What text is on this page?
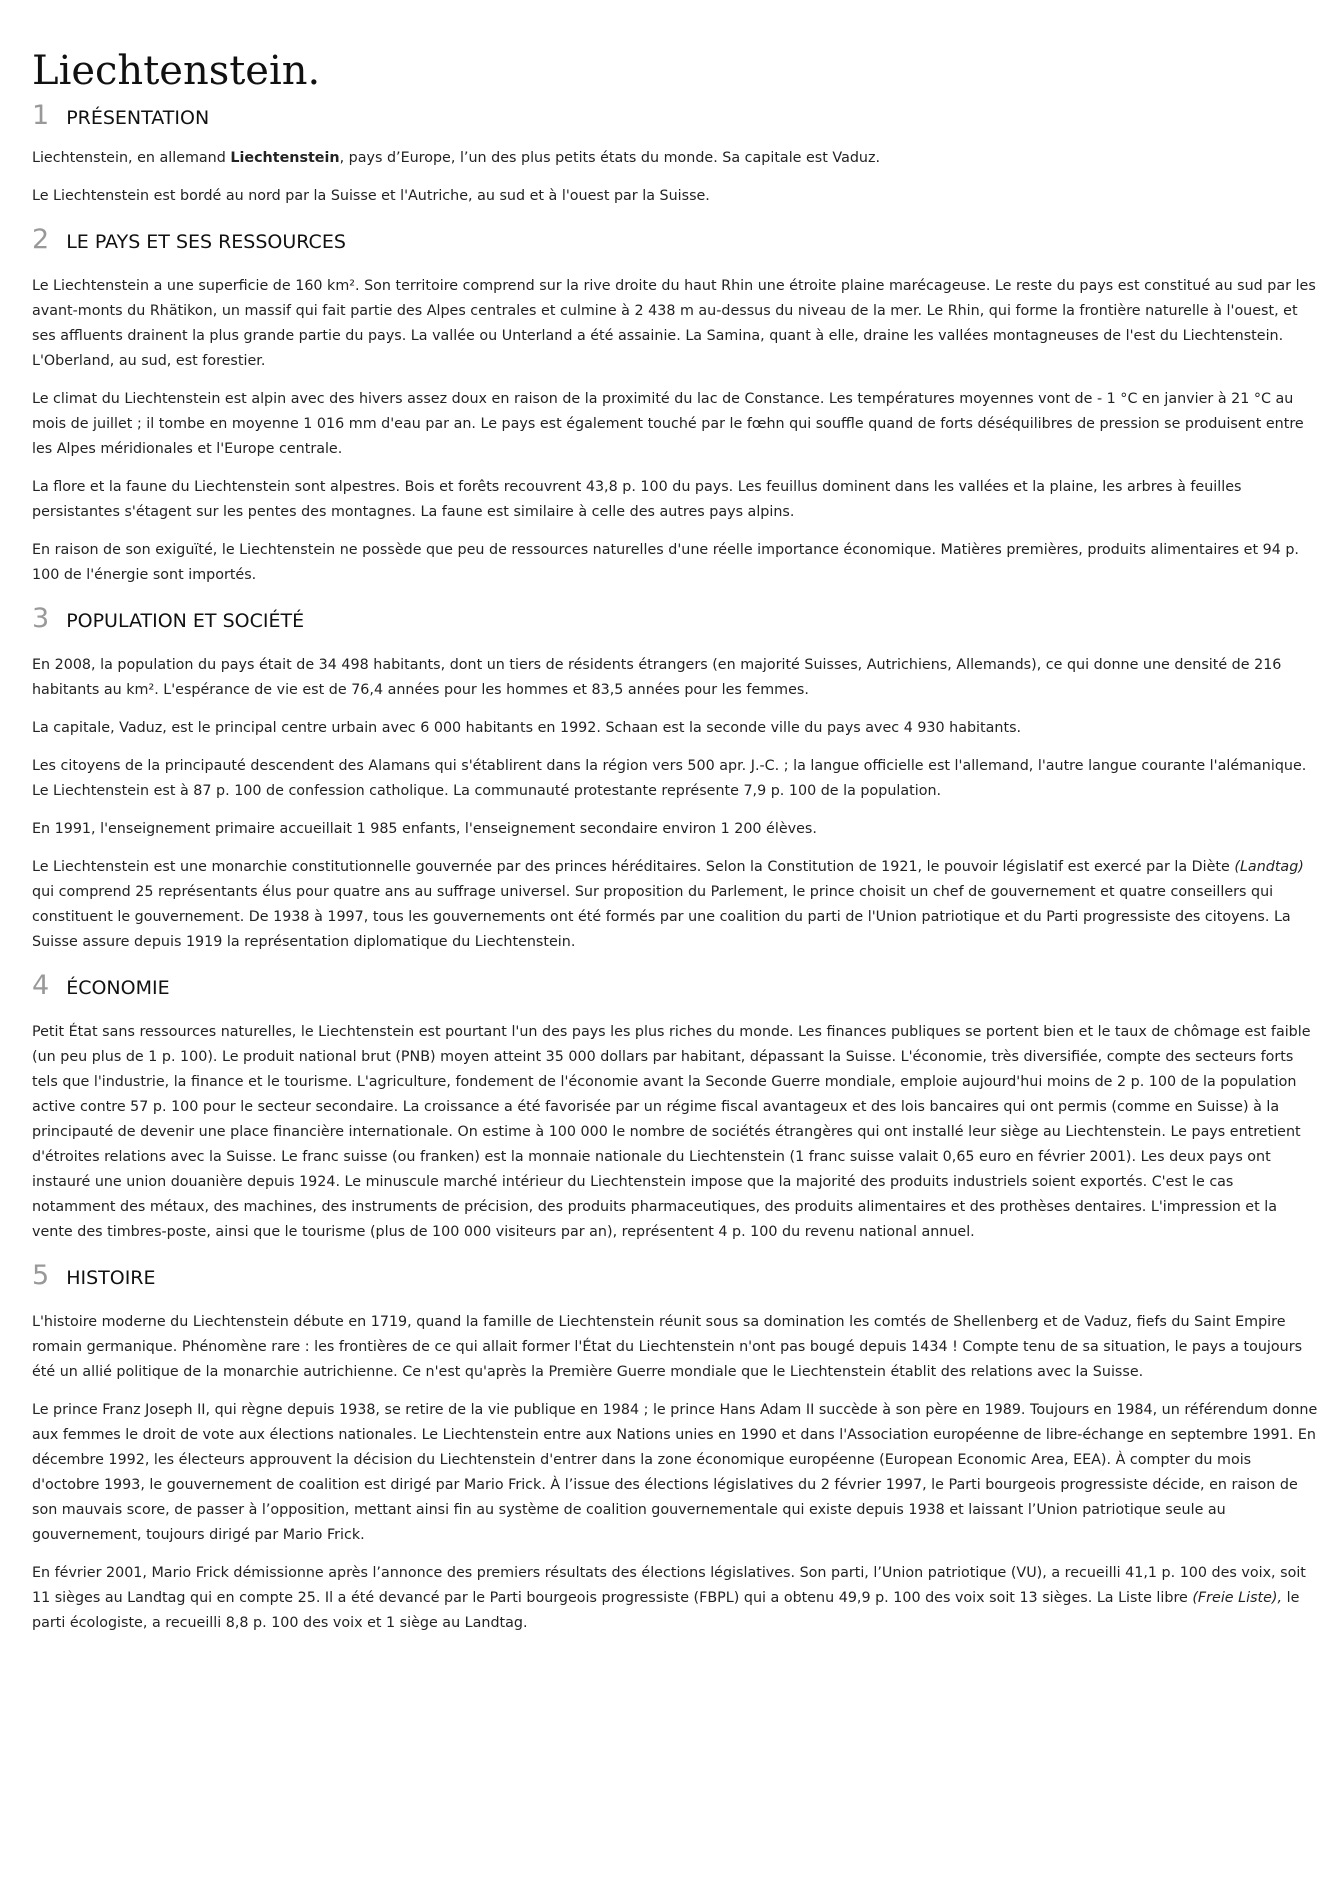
Liechtenstein.
1 PRÉSENTATION

Liechtenstein, en allemand Liechtenstein, pays d’Europe, l’un des plus petits états du monde. Sa capitale est Vaduz.

Le Liechtenstein est bordé au nord par la Suisse et l'Autriche, au sud et à l'ouest par la Suisse.

2 LE PAYS ET SES RESSOURCES

Le Liechtenstein a une superficie de 160 km². Son territoire comprend sur la rive droite du haut Rhin une étroite plaine marécageuse. Le reste du pays est constitué au sud par les avant-monts du Rhätikon, un massif qui fait partie des Alpes centrales et culmine à 2 438 m au-dessus du niveau de la mer. Le Rhin, qui forme la frontière naturelle à l'ouest, et ses affluents drainent la plus grande partie du pays. La vallée ou Unterland a été assainie. La Samina, quant à elle, draine les vallées montagneuses de l'est du Liechtenstein. L'Oberland, au sud, est forestier.

Le climat du Liechtenstein est alpin avec des hivers assez doux en raison de la proximité du lac de Constance. Les températures moyennes vont de - 1 °C en janvier à 21 °C au mois de juillet ; il tombe en moyenne 1 016 mm d'eau par an. Le pays est également touché par le fœhn qui souffle quand de forts déséquilibres de pression se produisent entre les Alpes méridionales et l'Europe centrale.

La flore et la faune du Liechtenstein sont alpestres. Bois et forêts recouvrent 43,8 p. 100 du pays. Les feuillus dominent dans les vallées et la plaine, les arbres à feuilles persistantes s'étagent sur les pentes des montagnes. La faune est similaire à celle des autres pays alpins.

En raison de son exiguïté, le Liechtenstein ne possède que peu de ressources naturelles d'une réelle importance économique. Matières premières, produits alimentaires et 94 p. 100 de l'énergie sont importés.

3 POPULATION ET SOCIÉTÉ

En 2008, la population du pays était de 34 498 habitants, dont un tiers de résidents étrangers (en majorité Suisses, Autrichiens, Allemands), ce qui donne une densité de 216 habitants au km². L'espérance de vie est de 76,4 années pour les hommes et 83,5 années pour les femmes.

La capitale, Vaduz, est le principal centre urbain avec 6 000 habitants en 1992. Schaan est la seconde ville du pays avec 4 930 habitants.

Les citoyens de la principauté descendent des Alamans qui s'établirent dans la région vers 500 apr. J.-C. ; la langue officielle est l'allemand, l'autre langue courante l'alémanique. Le Liechtenstein est à 87 p. 100 de confession catholique. La communauté protestante représente 7,9 p. 100 de la population.

En 1991, l'enseignement primaire accueillait 1 985 enfants, l'enseignement secondaire environ 1 200 élèves.

Le Liechtenstein est une monarchie constitutionnelle gouvernée par des princes héréditaires. Selon la Constitution de 1921, le pouvoir législatif est exercé par la Diète (Landtag) qui comprend 25 représentants élus pour quatre ans au suffrage universel. Sur proposition du Parlement, le prince choisit un chef de gouvernement et quatre conseillers qui constituent le gouvernement. De 1938 à 1997, tous les gouvernements ont été formés par une coalition du parti de l'Union patriotique et du Parti progressiste des citoyens. La Suisse assure depuis 1919 la représentation diplomatique du Liechtenstein.

4 ÉCONOMIE

Petit État sans ressources naturelles, le Liechtenstein est pourtant l'un des pays les plus riches du monde. Les finances publiques se portent bien et le taux de chômage est faible (un peu plus de 1 p. 100). Le produit national brut (PNB) moyen atteint 35 000 dollars par habitant, dépassant la Suisse. L'économie, très diversifiée, compte des secteurs forts tels que l'industrie, la finance et le tourisme. L'agriculture, fondement de l'économie avant la Seconde Guerre mondiale, emploie aujourd'hui moins de 2 p. 100 de la population active contre 57 p. 100 pour le secteur secondaire. La croissance a été favorisée par un régime fiscal avantageux et des lois bancaires qui ont permis (comme en Suisse) à la principauté de devenir une place financière internationale. On estime à 100 000 le nombre de sociétés étrangères qui ont installé leur siège au Liechtenstein. Le pays entretient d'étroites relations avec la Suisse. Le franc suisse (ou franken) est la monnaie nationale du Liechtenstein (1 franc suisse valait 0,65 euro en février 2001). Les deux pays ont instauré une union douanière depuis 1924. Le minuscule marché intérieur du Liechtenstein impose que la majorité des produits industriels soient exportés. C'est le cas notamment des métaux, des machines, des instruments de précision, des produits pharmaceutiques, des produits alimentaires et des prothèses dentaires. L'impression et la vente des timbres-poste, ainsi que le tourisme (plus de 100 000 visiteurs par an), représentent 4 p. 100 du revenu national annuel.

5 HISTOIRE

L'histoire moderne du Liechtenstein débute en 1719, quand la famille de Liechtenstein réunit sous sa domination les comtés de Shellenberg et de Vaduz, fiefs du Saint Empire romain germanique. Phénomène rare : les frontières de ce qui allait former l'État du Liechtenstein n'ont pas bougé depuis 1434 ! Compte tenu de sa situation, le pays a toujours été un allié politique de la monarchie autrichienne. Ce n'est qu'après la Première Guerre mondiale que le Liechtenstein établit des relations avec la Suisse.

Le prince Franz Joseph II, qui règne depuis 1938, se retire de la vie publique en 1984 ; le prince Hans Adam II succède à son père en 1989. Toujours en 1984, un référendum donne aux femmes le droit de vote aux élections nationales. Le Liechtenstein entre aux Nations unies en 1990 et dans l'Association européenne de libre-échange en septembre 1991. En décembre 1992, les électeurs approuvent la décision du Liechtenstein d'entrer dans la zone économique européenne (European Economic Area, EEA). À compter du mois d'octobre 1993, le gouvernement de coalition est dirigé par Mario Frick. À l’issue des élections législatives du 2 février 1997, le Parti bourgeois progressiste décide, en raison de son mauvais score, de passer à l’opposition, mettant ainsi fin au système de coalition gouvernementale qui existe depuis 1938 et laissant l’Union patriotique seule au gouvernement, toujours dirigé par Mario Frick.

En février 2001, Mario Frick démissionne après l’annonce des premiers résultats des élections législatives. Son parti, l’Union patriotique (VU), a recueilli 41,1 p. 100 des voix, soit 11 sièges au Landtag qui en compte 25. Il a été devancé par le Parti bourgeois progressiste (FBPL) qui a obtenu 49,9 p. 100 des voix soit 13 sièges. La Liste libre (Freie Liste), le parti écologiste, a recueilli 8,8 p. 100 des voix et 1 siège au Landtag.
